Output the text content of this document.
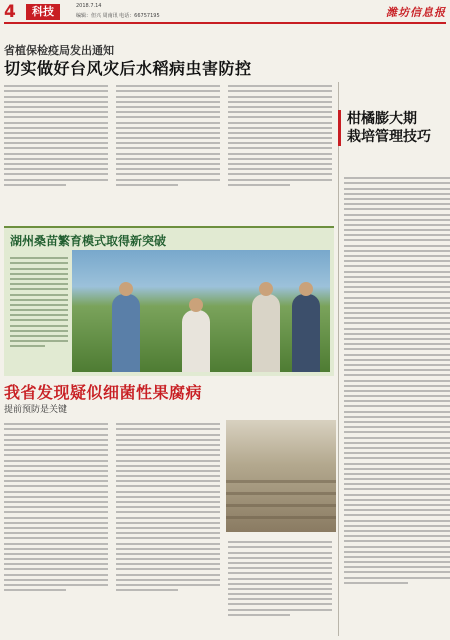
4	科技	2018.7.14
编辑：但兴 周南讯 电话：66757195	潍坊信息报
省植保检疫局发出通知
切实做好台风灾后水稻病虫害防控
柑橘膨大期
栽培管理技巧
湖州桑苗繁育模式取得新突破
我省发现疑似细菌性果腐病
提前预防是关键
